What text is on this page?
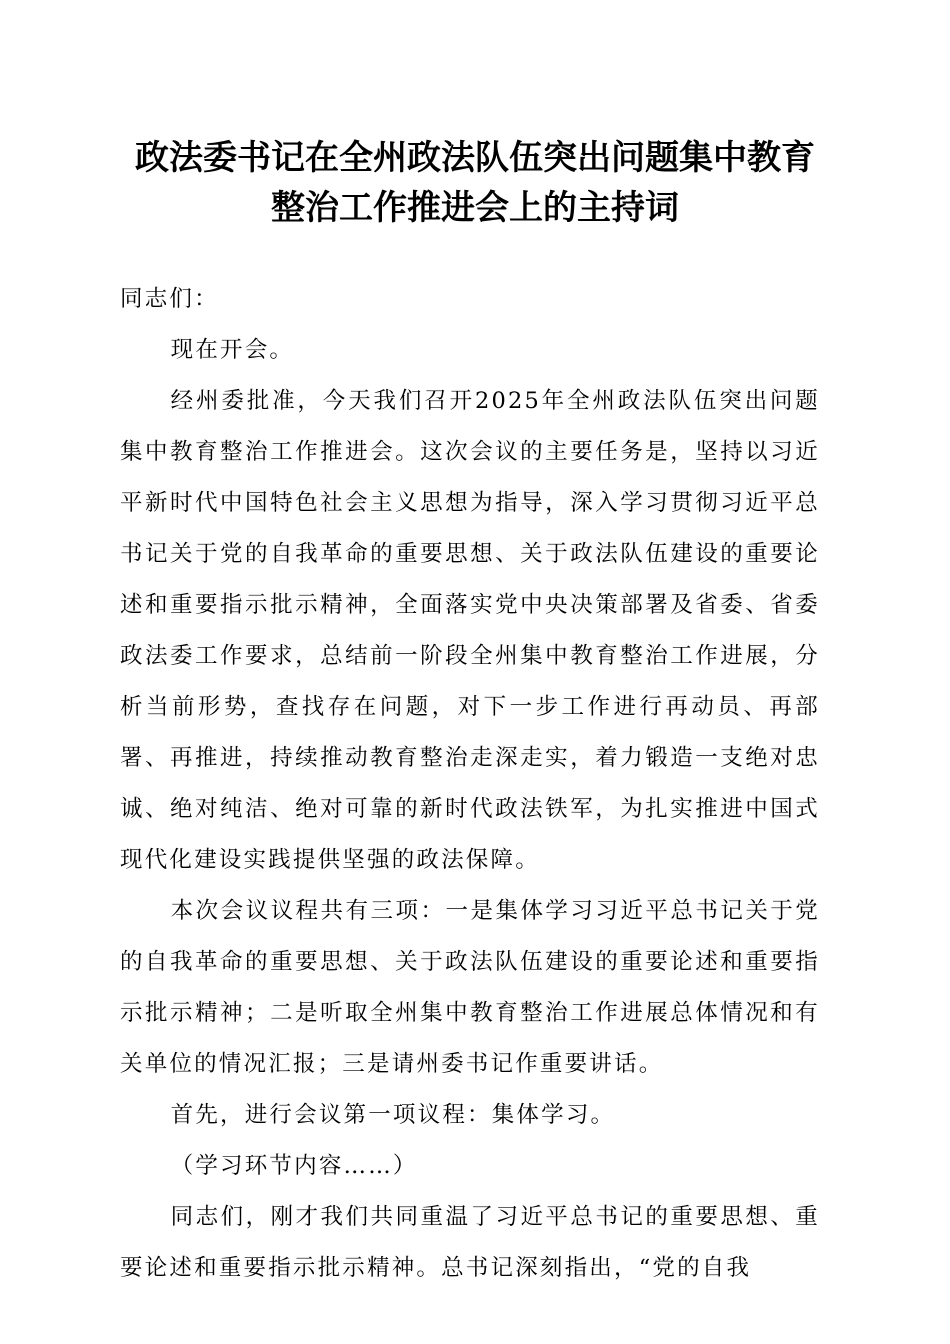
政法委书记在全州政法队伍突出问题集中教育
整治工作推进会上的主持词

同志们：

现在开会。

经州委批准，今天我们召开2025年全州政法队伍突出问题集中教育整治工作推进会。这次会议的主要任务是，坚持以习近平新时代中国特色社会主义思想为指导，深入学习贯彻习近平总书记关于党的自我革命的重要思想、关于政法队伍建设的重要论述和重要指示批示精神，全面落实党中央决策部署及省委、省委政法委工作要求，总结前一阶段全州集中教育整治工作进展，分析当前形势，查找存在问题，对下一步工作进行再动员、再部署、再推进，持续推动教育整治走深走实，着力锻造一支绝对忠诚、绝对纯洁、绝对可靠的新时代政法铁军，为扎实推进中国式现代化建设实践提供坚强的政法保障。

本次会议议程共有三项：一是集体学习习近平总书记关于党的自我革命的重要思想、关于政法队伍建设的重要论述和重要指示批示精神；二是听取全州集中教育整治工作进展总体情况和有关单位的情况汇报；三是请州委书记作重要讲话。

首先，进行会议第一项议程：集体学习。

（学习环节内容……）

同志们，刚才我们共同重温了习近平总书记的重要思想、重要论述和重要指示批示精神。总书记深刻指出，“党的自我
